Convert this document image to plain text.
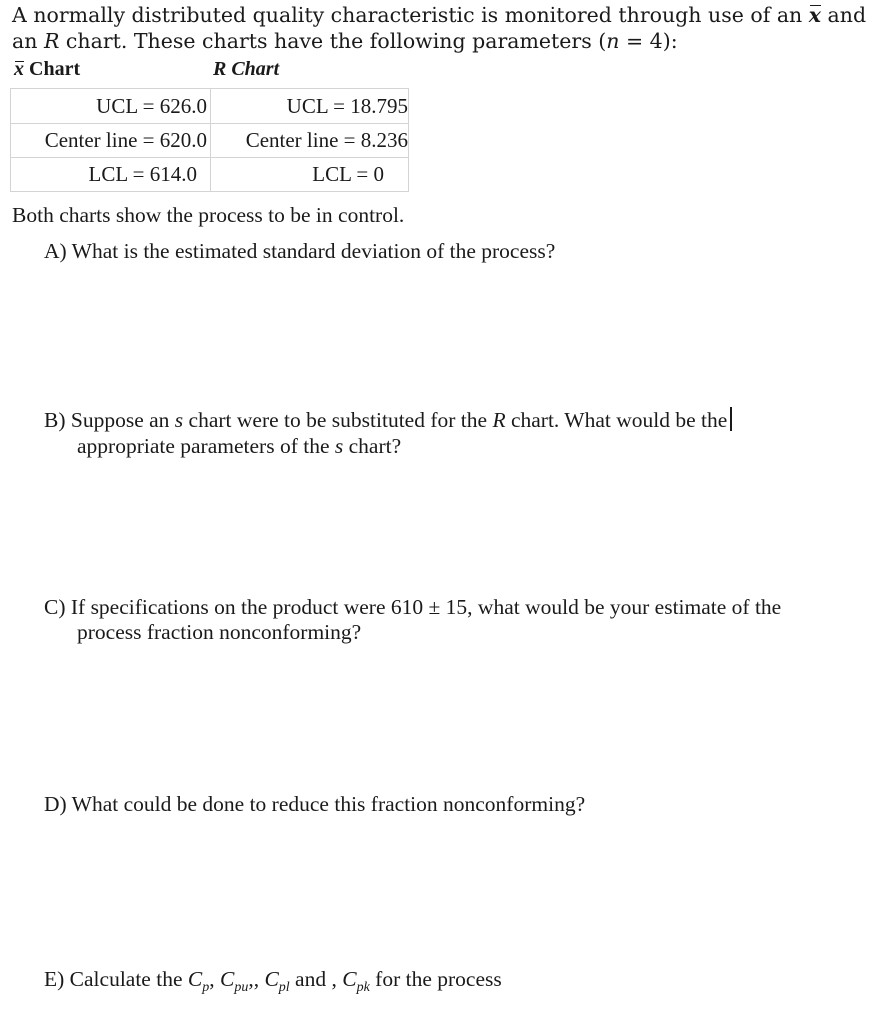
A normally distributed quality characteristic is monitored through use of an x and
an R chart. These charts have the following parameters (n = 4):
x Chart	R Chart
UCL = 626.0	UCL = 18.795
Center line = 620.0	Center line = 8.236
LCL = 614.0	LCL = 0
Both charts show the process to be in control.
A) What is the estimated standard deviation of the process?
B) Suppose an s chart were to be substituted for the R chart. What would be the
appropriate parameters of the s chart?
C) If specifications on the product were 610 ± 15, what would be your estimate of the
process fraction nonconforming?
D) What could be done to reduce this fraction nonconforming?
E) Calculate the $C_p$, $C_{pu}$,, $C_{pl}$ and , $C_{pk}$ for the process
